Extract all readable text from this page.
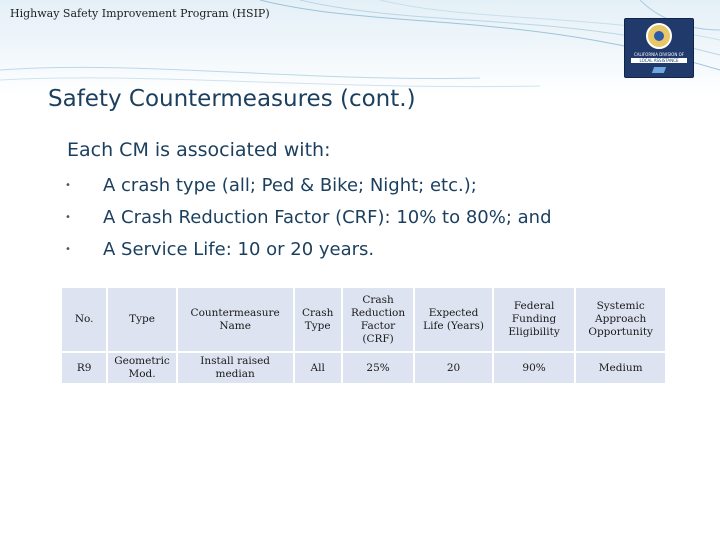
Highway Safety Improvement Program (HSIP)
CALIFORNIA DIVISION OF
LOCAL ASSISTANCE
Safety Countermeasures (cont.)
Each CM is associated with:
• A crash type (all; Ped & Bike; Night; etc.);
• A Crash Reduction Factor (CRF): 10% to 80%; and
• A Service Life: 10 or 20 years.
No.	Type	Countermeasure Name	Crash Type	Crash Reduction Factor (CRF)	Expected Life (Years)	Federal Funding Eligibility	Systemic Approach Opportunity
R9	Geometric Mod.	Install raised median	All	25%	20	90%	Medium
